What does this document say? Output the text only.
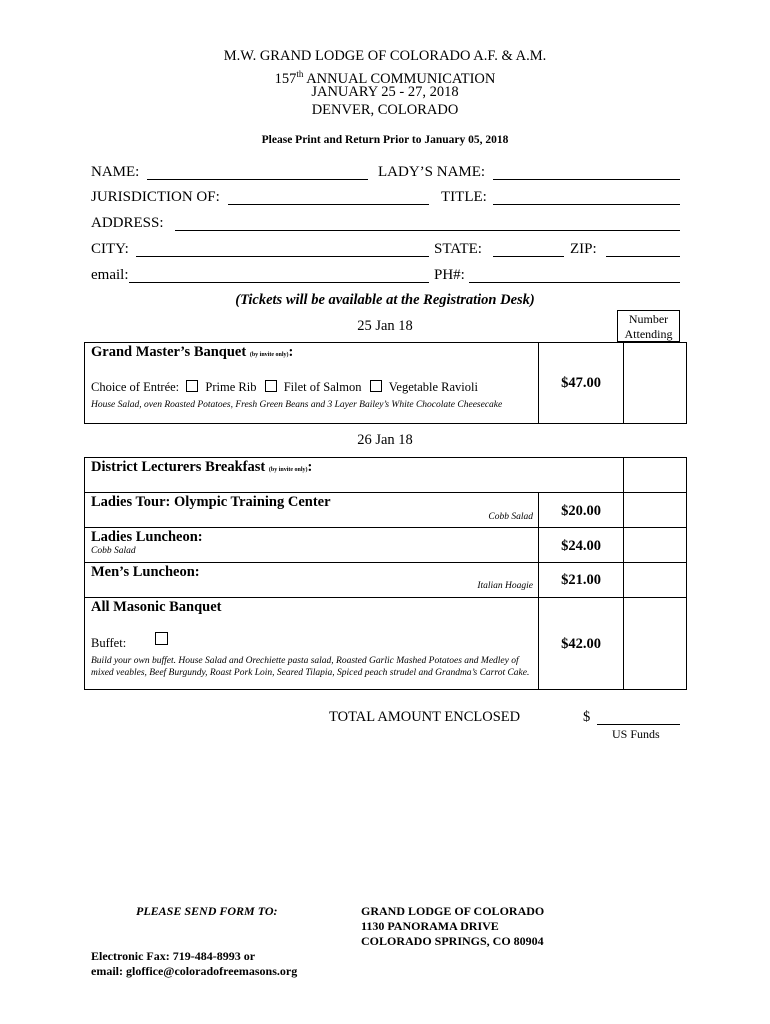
M.W. GRAND LODGE OF COLORADO A.F. & A.M.
157th ANNUAL COMMUNICATION
JANUARY 25 - 27, 2018
DENVER, COLORADO
Please Print and Return Prior to January 05, 2018
NAME:	LADY’S NAME:
JURISDICTION OF:	TITLE:
ADDRESS:
CITY:	STATE:	ZIP:
email:	PH#:
(Tickets will be available at the Registration Desk)
Number Attending
25 Jan 18
Grand Master’s Banquet (by invite only):
Choice of Entrée: Prime Rib Filet of Salmon Vegetable Ravioli
House Salad, oven Roasted Potatoes, Fresh Green Beans and 3 Layer Bailey’s White Chocolate Cheesecake
$47.00
26 Jan 18
District Lecturers Breakfast (by invite only):
Ladies Tour: Olympic Training Center
Cobb Salad	$20.00
Ladies Luncheon:
Cobb Salad	$24.00
Men’s Luncheon:
Italian Hoagie	$21.00
All Masonic Banquet
Buffet:
Build your own buffet. House Salad and Orechiette pasta salad, Roasted Garlic Mashed Potatoes and Medley of mixed veables, Beef Burgundy, Roast Pork Loin, Seared Tilapia, Spiced peach strudel and Grandma’s Carrot Cake.
$42.00
TOTAL AMOUNT ENCLOSED	$
US Funds
PLEASE SEND FORM TO:	GRAND LODGE OF COLORADO
1130 PANORAMA DRIVE
COLORADO SPRINGS, CO 80904
Electronic Fax: 719-484-8993 or
email: gloffice@coloradofreemasons.org
